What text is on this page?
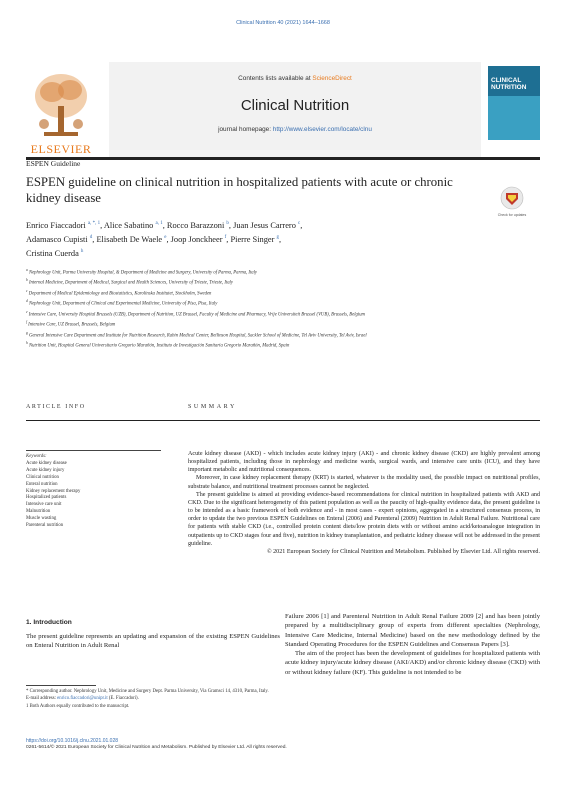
Clinical Nutrition 40 (2021) 1644–1668
ELSEVIER
Contents lists available at ScienceDirect
Clinical Nutrition
journal homepage: http://www.elsevier.com/locate/clnu
CLINICAL
NUTRITION
ESPEN Guideline
ESPEN guideline on clinical nutrition in hospitalized patients with acute or chronic kidney disease
Check for updates
Enrico Fiaccadori $^{a, *, 1}$, Alice Sabatino $^{a, 1}$, Rocco Barazzoni $^b$, Juan Jesus Carrero $^c$,
Adamasco Cupisti $^d$, Elisabeth De Waele $^e$, Joop Jonckheer $^f$, Pierre Singer $^g$,
Cristina Cuerda $^h$

$^a$ Nephrology Unit, Parma University Hospital, & Department of Medicine and Surgery, University of Parma, Parma, Italy

$^b$ Internal Medicine, Department of Medical, Surgical and Health Sciences, University of Trieste, Trieste, Italy

$^c$ Department of Medical Epidemiology and Biostatistics, Karolinska Institutet, Stockholm, Sweden

$^d$ Nephrology Unit, Department of Clinical and Experimental Medicine, University of Pisa, Pisa, Italy

$^e$ Intensive Care, University Hospital Brussels (UZB), Department of Nutrition, UZ Brussel, Faculty of Medicine and Pharmacy, Vrije Universiteit Brussel (VUB), Brussels, Belgium

$^f$ Intensive Care, UZ Brussel, Brussels, Belgium

$^g$ General Intensive Care Department and Institute for Nutrition Research, Rabin Medical Center, Beilinson Hospital, Sackler School of Medicine, Tel Aviv University, Tel Aviv, Israel

$^h$ Nutrition Unit, Hospital General Universitario Gregorio Marañón, Instituto de Investigación Sanitaria Gregorio Marañón, Madrid, Spain

ARTICLE INFO	SUMMARY
Keywords:
Acute kidney disease
Acute kidney injury
Clinical nutrition
Enteral nutrition
Kidney replacement therapy
Hospitalized patients
Intensive care unit
Malnutrition
Muscle wasting
Parenteral nutrition

Acute kidney disease (AKD) - which includes acute kidney injury (AKI) - and chronic kidney disease (CKD) are highly prevalent among hospitalized patients, including those in nephrology and medicine wards, surgical wards, and intensive care units (ICU), and they have important metabolic and nutritional consequences.

Moreover, in case kidney replacement therapy (KRT) is started, whatever is the modality used, the possible impact on nutritional profiles, substrate balance, and nutritional treatment processes cannot be neglected.

The present guideline is aimed at providing evidence-based recommendations for clinical nutrition in hospitalized patients with AKD and CKD. Due to the significant heterogeneity of this patient population as well as the paucity of high-quality evidence data, the present guideline is to be intended as a basic framework of both evidence and - in most cases - expert opinions, aggregated in a structured consensus process, in order to update the two previous ESPEN Guidelines on Enteral (2006) and Parenteral (2009) Nutrition in Adult Renal Failure. Nutritional care for patients with stable CKD (i.e., controlled protein content diets/low protein diets with or without amino acid/ketoanalogue integration in outpatients up to CKD stages four and five), nutrition in kidney transplantation, and pediatric kidney disease will not be addressed in the present guideline.

© 2021 European Society for Clinical Nutrition and Metabolism. Published by Elsevier Ltd. All rights reserved.

1. Introduction
The present guideline represents an updating and expansion of the existing ESPEN Guidelines on Enteral Nutrition in Adult Renal

Failure 2006 [1] and Parenteral Nutrition in Adult Renal Failure 2009 [2] and has been jointly prepared by a multidisciplinary group of experts from different specialties (Nephrology, Intensive Care Medicine, Internal Medicine) based on the new methodology defined by the Standard Operating Procedures for the ESPEN Guidelines and Consensus Papers [3].

The aim of the project has been the development of guidelines for hospitalized patients with acute kidney injury/acute kidney disease (AKI/AKD) and/or chronic kidney disease (CKD) with or without kidney failure (KF). This guideline is not intended to be

* Corresponding author. Nephrology Unit, Medicine and Surgery Dept. Parma University, Via Gramsci 14, 4310, Parma, Italy.

E-mail address: enrico.fiaccadori@unipr.it (E. Fiaccadori).

1 Both Authors equally contributed to the manuscript.

https://doi.org/10.1016/j.clnu.2021.01.028
0261-5614/© 2021 European Society for Clinical Nutrition and Metabolism. Published by Elsevier Ltd. All rights reserved.
